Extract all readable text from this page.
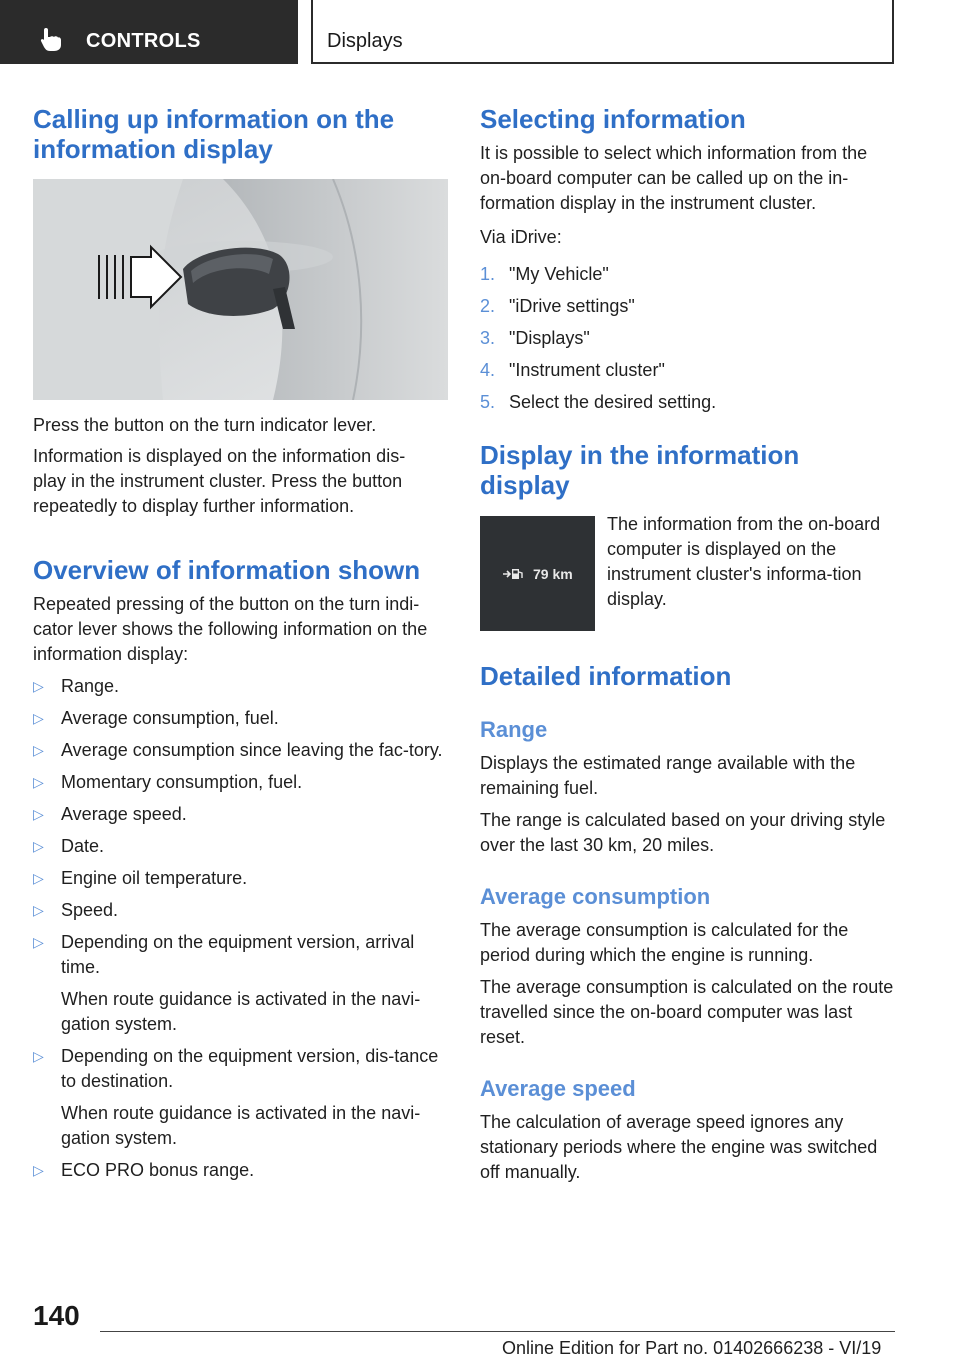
CONTROLS	Displays
Calling up information on the information display

Press the button on the turn indicator lever.

Information is displayed on the information dis-play in the instrument cluster. Press the button repeatedly to display further information.

Overview of information shown

Repeated pressing of the button on the turn indi-cator lever shows the following information on the information display:

▷ Range.
▷ Average consumption, fuel.
▷ Average consumption since leaving the fac-tory.
▷ Momentary consumption, fuel.
▷ Average speed.
▷ Date.
▷ Engine oil temperature.
▷ Speed.
▷ Depending on the equipment version, arrival time.
When route guidance is activated in the navi-gation system.
▷ Depending on the equipment version, dis-tance to destination.
When route guidance is activated in the navi-gation system.
▷ ECO PRO bonus range.
Selecting information

It is possible to select which information from the on-board computer can be called up on the in-formation display in the instrument cluster.

Via iDrive:

1. "My Vehicle"
2. "iDrive settings"
3. "Displays"
4. "Instrument cluster"
5. Select the desired setting.
Display in the information display
79 km

The information from the on-board computer is displayed on the instrument cluster's informa-tion display.

Detailed information
Range

Displays the estimated range available with the remaining fuel.

The range is calculated based on your driving style over the last 30 km, 20 miles.

Average consumption

The average consumption is calculated for the period during which the engine is running.

The average consumption is calculated on the route travelled since the on-board computer was last reset.

Average speed

The calculation of average speed ignores any stationary periods where the engine was switched off manually.

140
Online Edition for Part no. 01402666238 - VI/19
